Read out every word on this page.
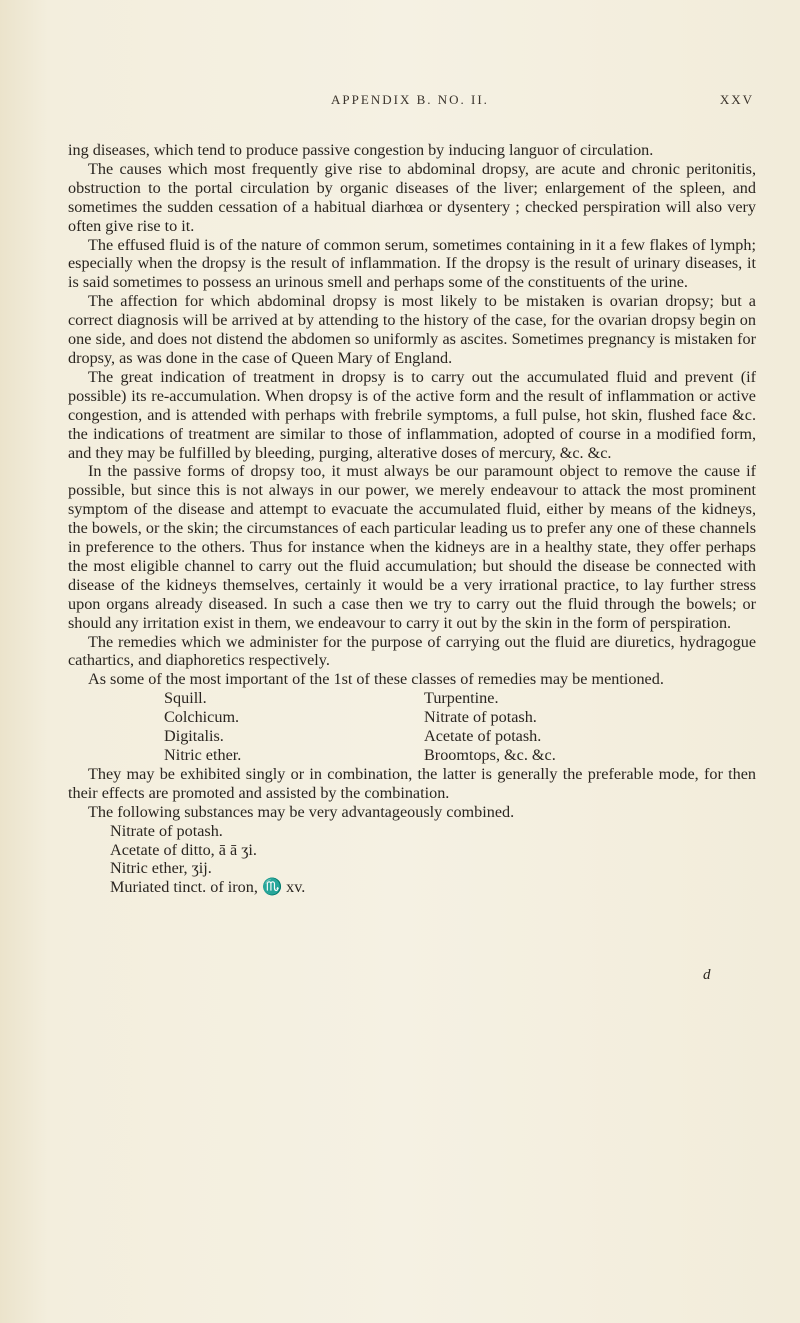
APPENDIX B. NO. II.	XXV

ing diseases, which tend to produce passive congestion by inducing languor of circulation.

The causes which most frequently give rise to abdominal dropsy, are acute and chronic peritonitis, obstruction to the portal circulation by organic diseases of the liver; enlargement of the spleen, and sometimes the sudden cessation of a habitual diarhœa or dysentery ; checked perspiration will also very often give rise to it.

The effused fluid is of the nature of common serum, sometimes containing in it a few flakes of lymph; especially when the dropsy is the result of inflammation. If the dropsy is the result of urinary diseases, it is said sometimes to possess an urinous smell and perhaps some of the constituents of the urine.

The affection for which abdominal dropsy is most likely to be mistaken is ovarian dropsy; but a correct diagnosis will be arrived at by attending to the history of the case, for the ovarian dropsy begin on one side, and does not distend the abdomen so uniformly as ascites. Sometimes pregnancy is mistaken for dropsy, as was done in the case of Queen Mary of England.

The great indication of treatment in dropsy is to carry out the accumulated fluid and prevent (if possible) its re-accumulation. When dropsy is of the active form and the result of inflammation or active congestion, and is attended with perhaps with frebrile symptoms, a full pulse, hot skin, flushed face &c. the indications of treatment are similar to those of inflammation, adopted of course in a modified form, and they may be fulfilled by bleeding, purging, alterative doses of mercury, &c. &c.

In the passive forms of dropsy too, it must always be our paramount object to remove the cause if possible, but since this is not always in our power, we merely endeavour to attack the most prominent symptom of the disease and attempt to evacuate the accumulated fluid, either by means of the kidneys, the bowels, or the skin; the circumstances of each particular leading us to prefer any one of these channels in preference to the others. Thus for instance when the kidneys are in a healthy state, they offer perhaps the most eligible channel to carry out the fluid accumulation; but should the disease be connected with disease of the kidneys themselves, certainly it would be a very irrational practice, to lay further stress upon organs already diseased. In such a case then we try to carry out the fluid through the bowels; or should any irritation exist in them, we endeavour to carry it out by the skin in the form of perspiration.

The remedies which we administer for the purpose of carrying out the fluid are diuretics, hydragogue cathartics, and diaphoretics respectively.

As some of the most important of the 1st of these classes of remedies may be mentioned.

Squill.	Turpentine.
Colchicum.	Nitrate of potash.
Digitalis.	Acetate of potash.
Nitric ether.	Broomtops, &c. &c.

They may be exhibited singly or in combination, the latter is generally the preferable mode, for then their effects are promoted and assisted by the combination.

The following substances may be very advantageously combined.

Nitrate of potash.
Acetate of ditto, ā ā ʒi.
Nitric ether, ʒij.
Muriated tinct. of iron, ♏ xv.
d
